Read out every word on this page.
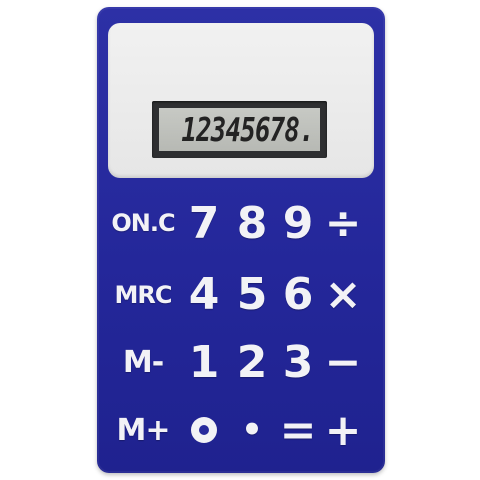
12345678.
ON.C 7 8 9 ÷
MRC 4 5 6 ×
M- 1 2 3 −
M+ • = +
